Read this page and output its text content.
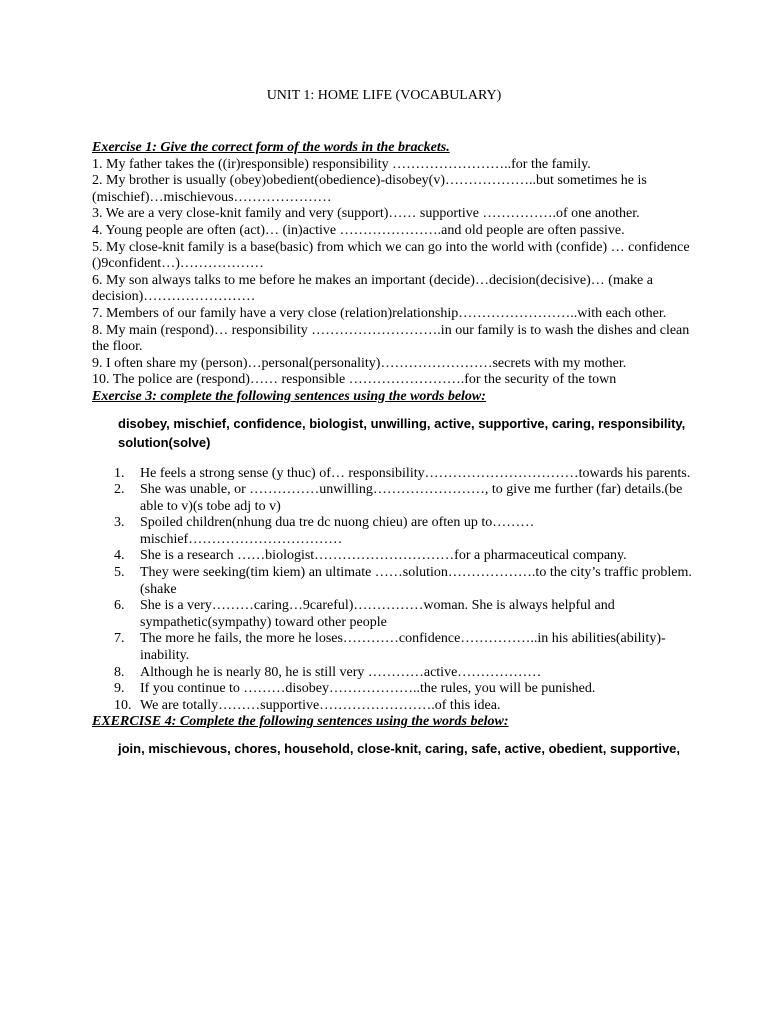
UNIT 1: HOME LIFE (VOCABULARY)
Exercise 1: Give the correct form of the words in the brackets.
1. My father takes the ((ir)responsible) responsibility ……………………..for the family.
2. My brother is usually (obey)obedient(obedience)-disobey(v)………………..but sometimes he is (mischief)…mischievous…………………
3. We are a very close-knit family and very (support)…… supportive …………….of one another.
4. Young people are often (act)… (in)active ………………….and old people are often passive.
5. My close-knit family is a base(basic) from which we can go into the world with (confide) … confidence ()9confident…)………………
6. My son always talks to me before he makes an important (decide)…decision(decisive)… (make a decision)……………………
7. Members of our family have a very close (relation)relationship……………………..with each other.
8. My main (respond)… responsibility ……………………….in our family is to wash the dishes and clean the floor.
9. I often share my (person)…personal(personality)……………………secrets with my mother.
10. The police are (respond)…… responsible …………………….for the security of the town
Exercise 3: complete the following sentences using the words below:
disobey, mischief, confidence, biologist, unwilling, active, supportive, caring, responsibility, solution(solve)
1. He feels a strong sense (y thuc) of… responsibility……………………………towards his parents.
2. She was unable, or ……………unwilling……………………, to give me further (far) details.(be able to v)(s tobe adj to v)
3. Spoiled children(nhung dua tre dc nuong chieu) are often up to……… mischief……………………………
4. She is a research ……biologist…………………………for a pharmaceutical company.
5. They were seeking(tim kiem) an ultimate ……solution……………….to the city’s traffic problem.(shake
6. She is a very………caring…9careful)……………woman. She is always helpful and sympathetic(sympathy) toward other people
7. The more he fails, the more he loses…………confidence……………..in his abilities(ability)-inability.
8. Although he is nearly 80, he is still very …………active………………
9. If you continue to ………disobey………………..the rules, you will be punished.
10. We are totally………supportive…………………….of this idea.
EXERCISE 4: Complete the following sentences using the words below:
join, mischievous, chores, household, close-knit, caring, safe, active, obedient, supportive,
